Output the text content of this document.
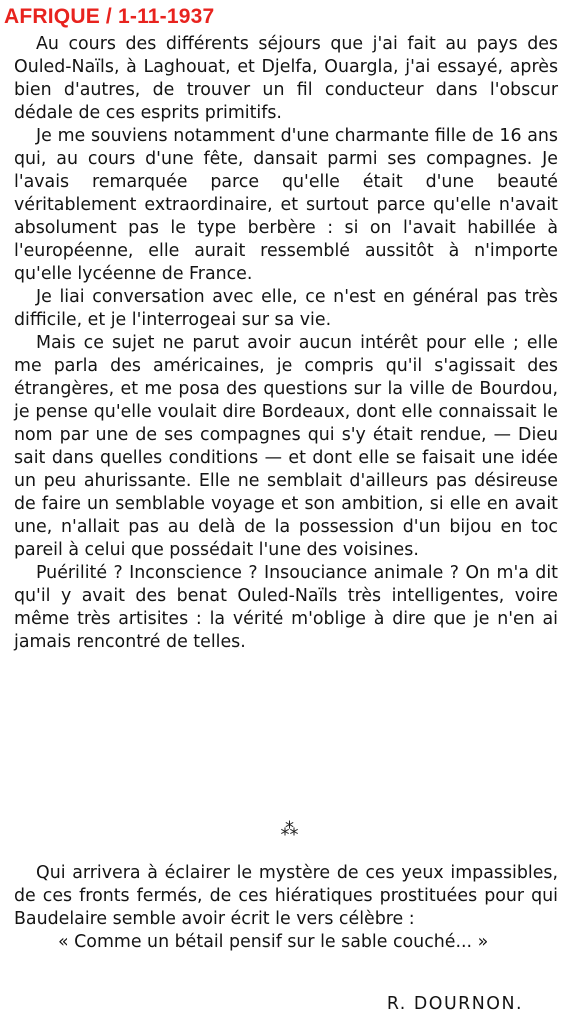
AFRIQUE / 1-11-1937

Au cours des différents séjours que j'ai fait au pays des Ouled-Naïls, à Laghouat, et Djelfa, Ouargla, j'ai essayé, après bien d'autres, de trouver un fil conducteur dans l'obscur dédale de ces esprits primitifs.

Je me souviens notamment d'une charmante fille de 16 ans qui, au cours d'une fête, dansait parmi ses compagnes. Je l'avais remarquée parce qu'elle était d'une beauté véritablement extraordinaire, et surtout parce qu'elle n'avait absolument pas le type berbère : si on l'avait habillée à l'européenne, elle aurait ressemblé aussitôt à n'importe qu'elle lycéenne de France.

Je liai conversation avec elle, ce n'est en général pas très difficile, et je l'interrogeai sur sa vie.

Mais ce sujet ne parut avoir aucun intérêt pour elle ; elle me parla des américaines, je compris qu'il s'agissait des étrangères, et me posa des questions sur la ville de Bourdou, je pense qu'elle voulait dire Bordeaux, dont elle connaissait le nom par une de ses compagnes qui s'y était rendue, — Dieu sait dans quelles conditions — et dont elle se faisait une idée un peu ahurissante. Elle ne semblait d'ailleurs pas désireuse de faire un semblable voyage et son ambition, si elle en avait une, n'allait pas au delà de la possession d'un bijou en toc pareil à celui que possédait l'une des voisines.

Puérilité ? Inconscience ? Insouciance animale ? On m'a dit qu'il y avait des benat Ouled-Naïls très intelligentes, voire même très artisites : la vérité m'oblige à dire que je n'en ai jamais rencontré de telles.

⁂

Qui arrivera à éclairer le mystère de ces yeux impassibles, de ces fronts fermés, de ces hiératiques prostituées pour qui Baudelaire semble avoir écrit le vers célèbre :

« Comme un bétail pensif sur le sable couché... »

R. DOURNON.
